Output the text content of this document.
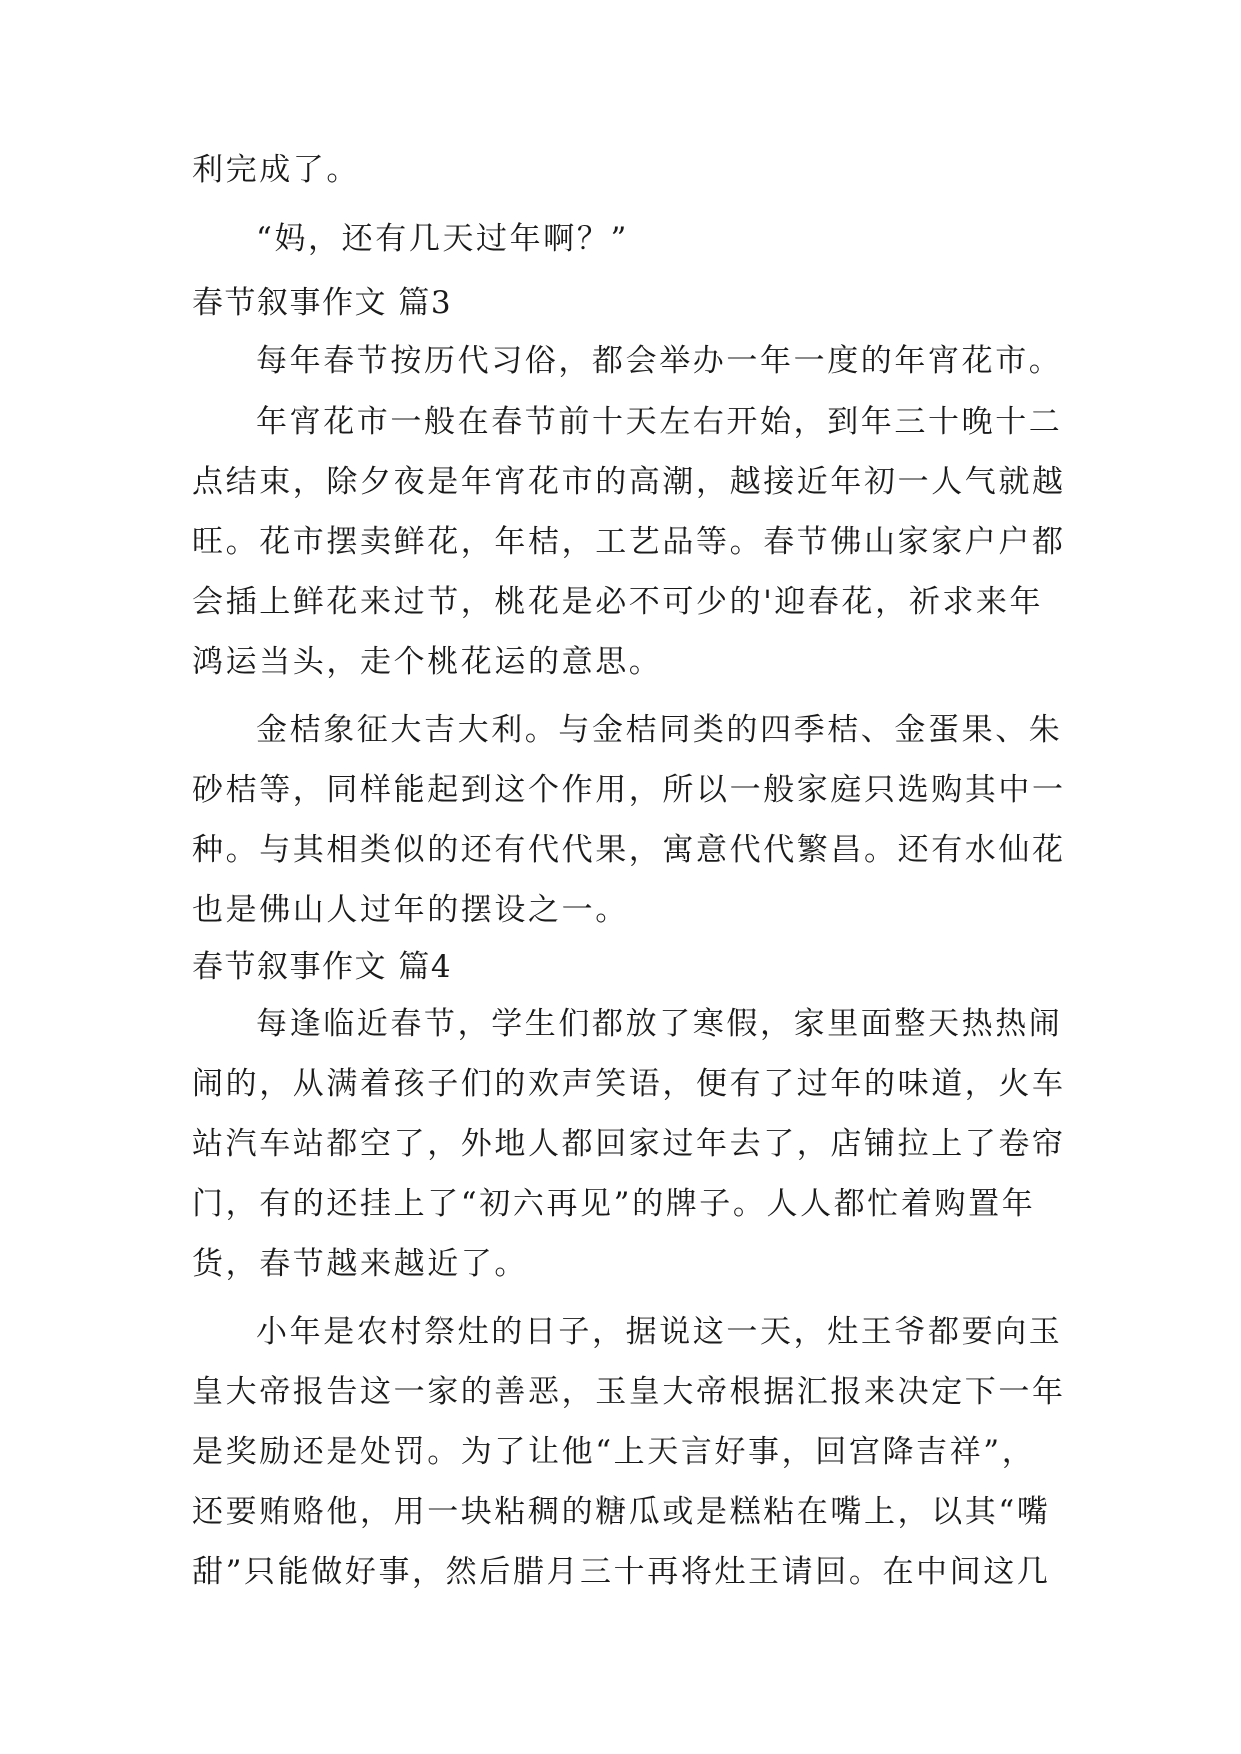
利完成了。
“妈，还有几天过年啊？”
春节叙事作文 篇3
每年春节按历代习俗，都会举办一年一度的年宵花市。
年宵花市一般在春节前十天左右开始，到年三十晚十二
点结束，除夕夜是年宵花市的高潮，越接近年初一人气就越
旺。花市摆卖鲜花，年桔，工艺品等。春节佛山家家户户都
会插上鲜花来过节，桃花是必不可少的'迎春花，祈求来年
鸿运当头，走个桃花运的意思。
金桔象征大吉大利。与金桔同类的四季桔、金蛋果、朱
砂桔等，同样能起到这个作用，所以一般家庭只选购其中一
种。与其相类似的还有代代果，寓意代代繁昌。还有水仙花
也是佛山人过年的摆设之一。
春节叙事作文 篇4
每逢临近春节，学生们都放了寒假，家里面整天热热闹
闹的，从满着孩子们的欢声笑语，便有了过年的味道，火车
站汽车站都空了，外地人都回家过年去了，店铺拉上了卷帘
门，有的还挂上了“初六再见”的牌子。人人都忙着购置年
货，春节越来越近了。
小年是农村祭灶的日子，据说这一天，灶王爷都要向玉
皇大帝报告这一家的善恶，玉皇大帝根据汇报来决定下一年
是奖励还是处罚。为了让他“上天言好事，回宫降吉祥”，
还要贿赂他，用一块粘稠的糖瓜或是糕粘在嘴上，以其“嘴
甜”只能做好事，然后腊月三十再将灶王请回。在中间这几
